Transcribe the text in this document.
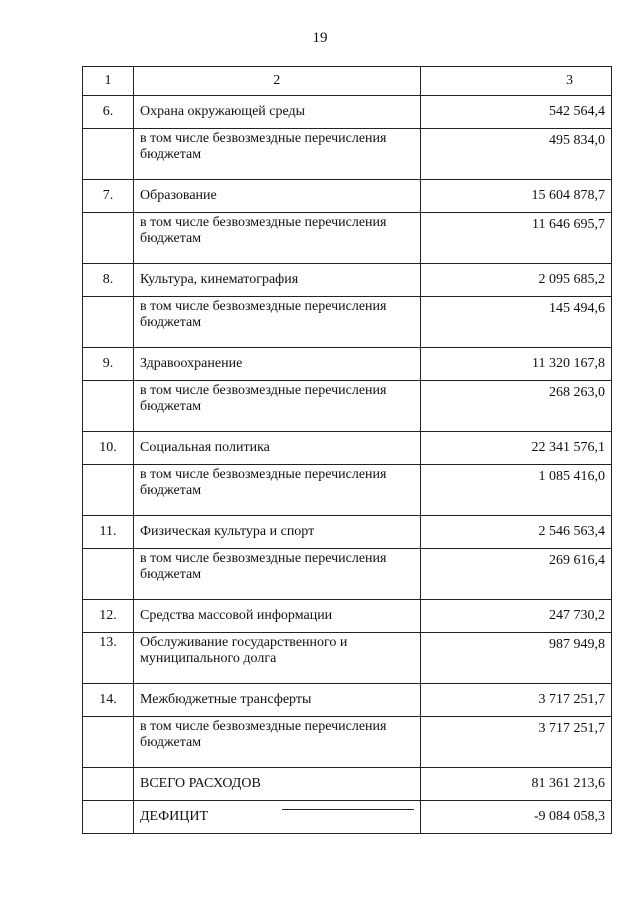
19
1	2	3
6.	Охрана окружающей среды	542 564,4
	в том числе безвозмездные перечисления бюджетам	495 834,0
7.	Образование	15 604 878,7
	в том числе безвозмездные перечисления бюджетам	11 646 695,7
8.	Культура, кинематография	2 095 685,2
	в том числе безвозмездные перечисления бюджетам	145 494,6
9.	Здравоохранение	11 320 167,8
	в том числе безвозмездные перечисления бюджетам	268 263,0
10.	Социальная политика	22 341 576,1
	в том числе безвозмездные перечисления бюджетам	1 085 416,0
11.	Физическая культура и спорт	2 546 563,4
	в том числе безвозмездные перечисления бюджетам	269 616,4
12.	Средства массовой информации	247 730,2
13.	Обслуживание государственного и муниципального долга	987 949,8
14.	Межбюджетные трансферты	3 717 251,7
	в том числе безвозмездные перечисления бюджетам	3 717 251,7
	ВСЕГО РАСХОДОВ	81 361 213,6
	ДЕФИЦИТ	-9 084 058,3
